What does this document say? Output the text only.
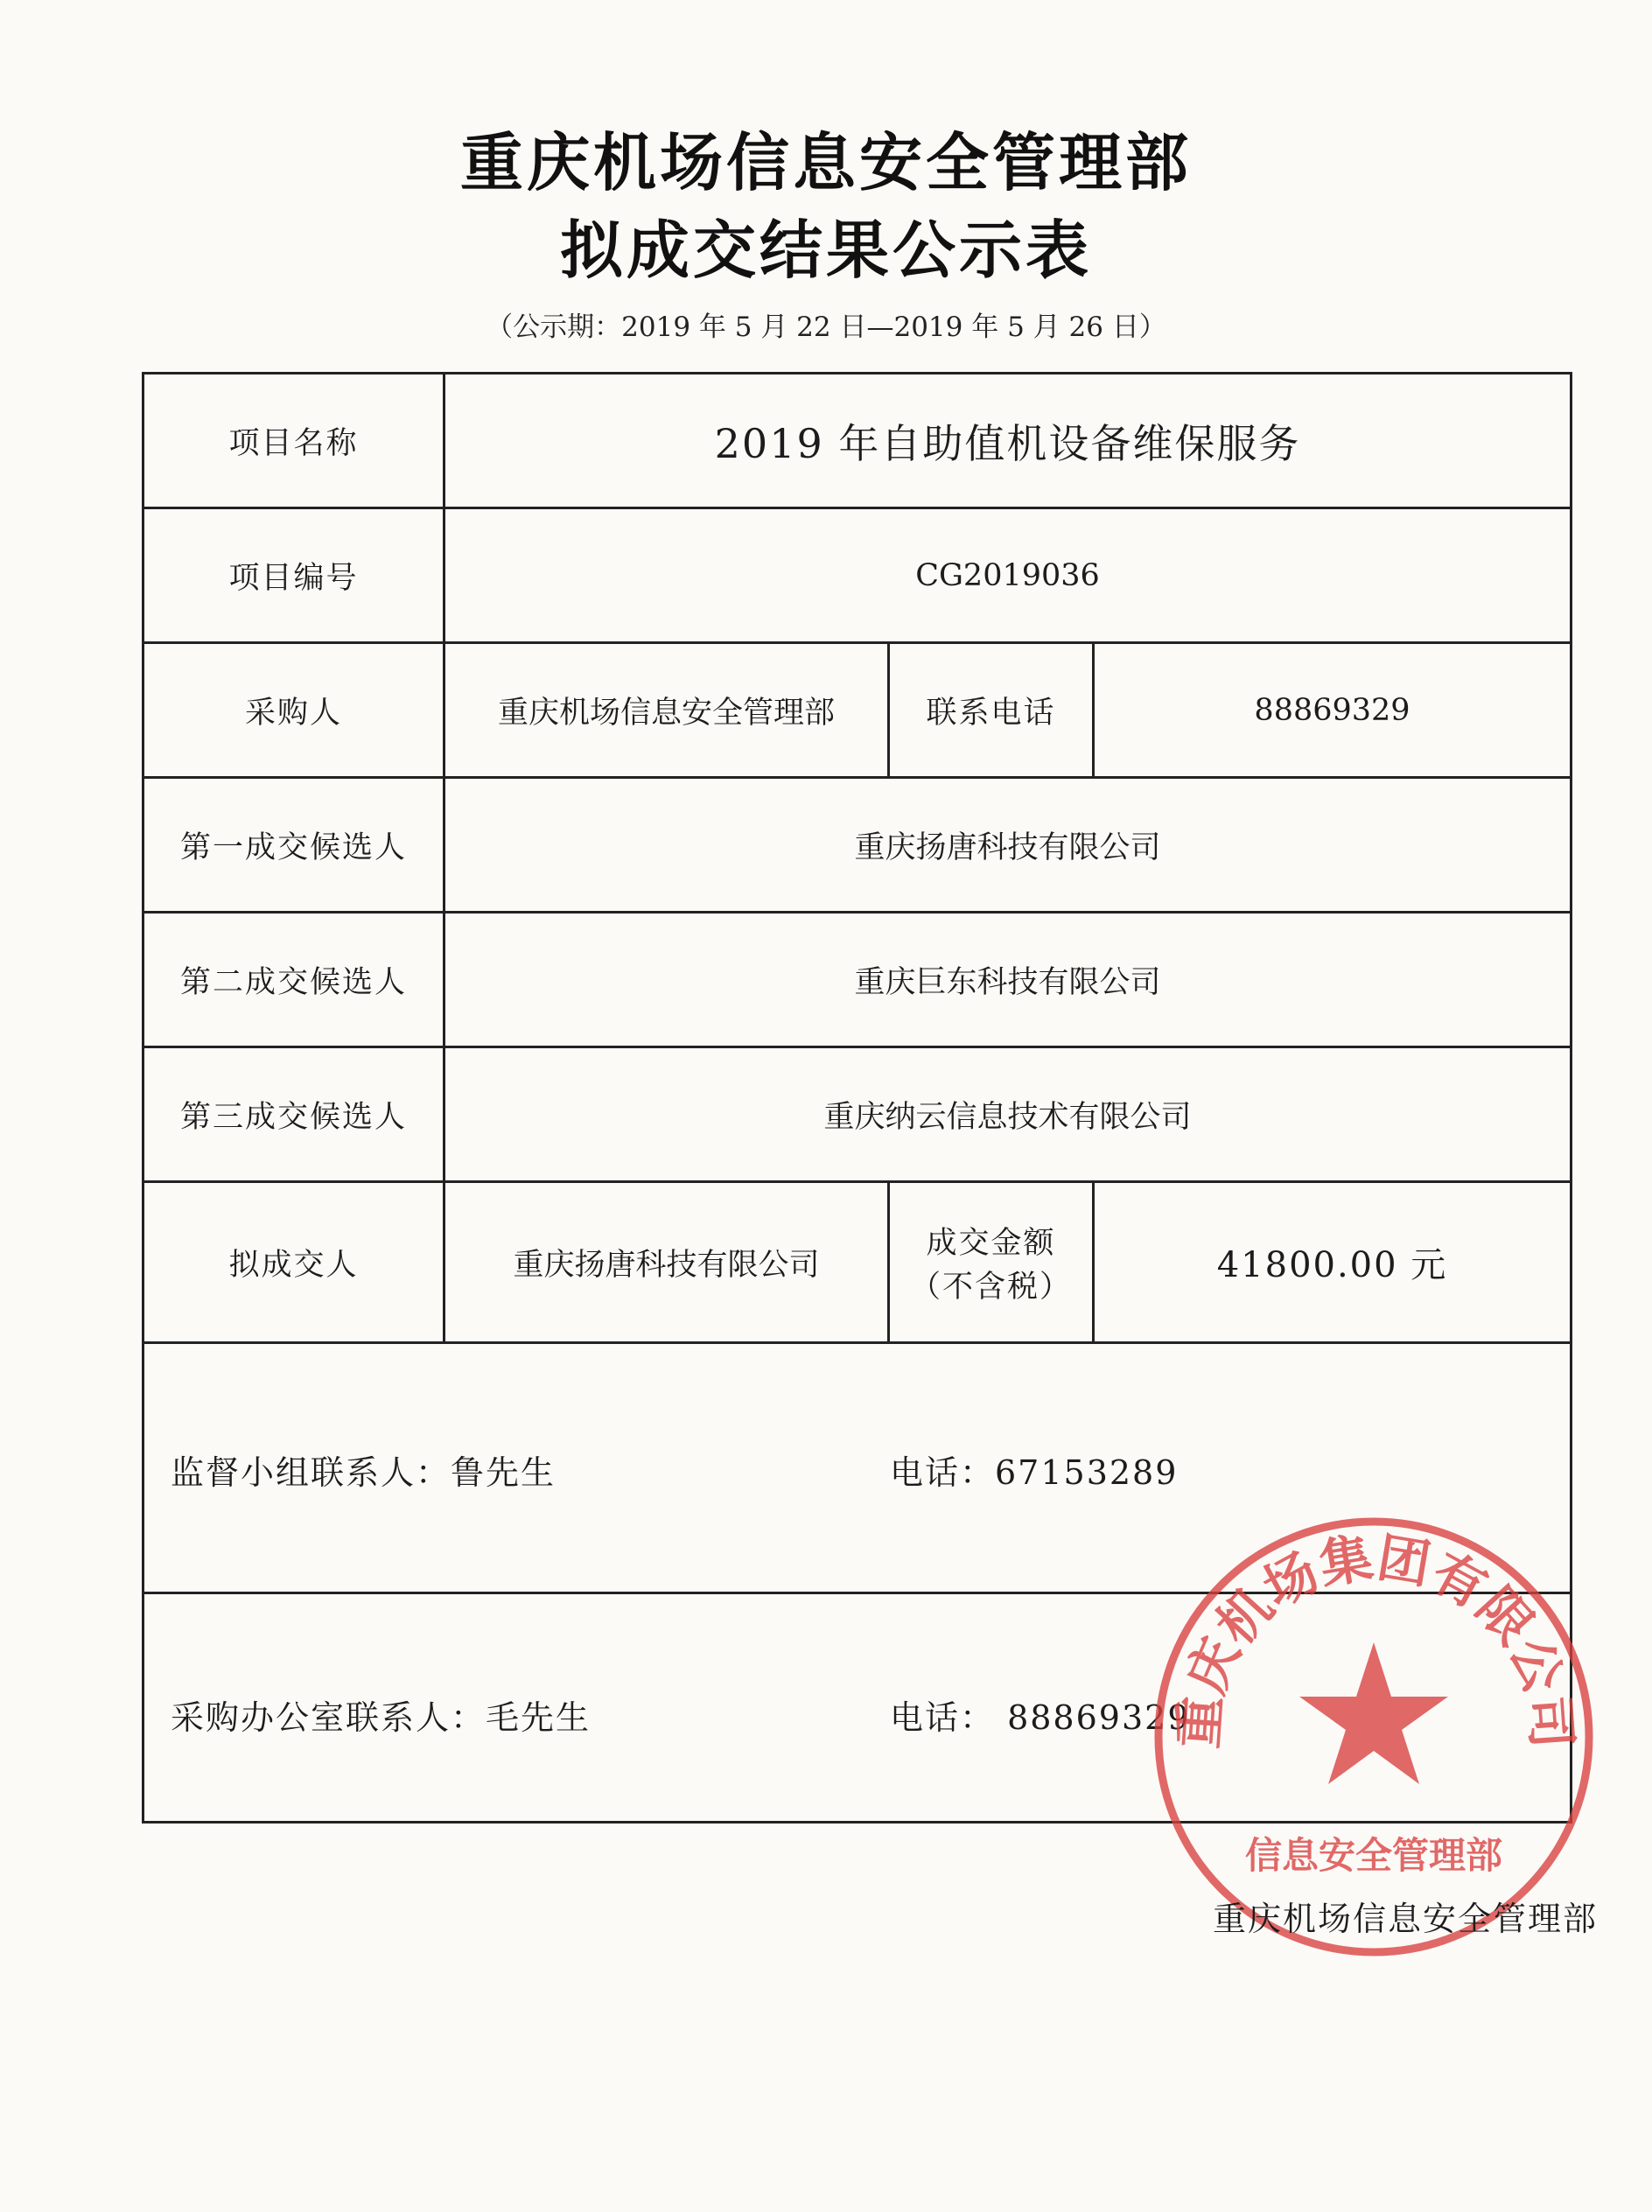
重庆机场信息安全管理部
拟成交结果公示表
（公示期：2019 年 5 月 22 日—2019 年 5 月 26 日）
项目名称	2019 年自助值机设备维保服务		
项目编号	CG2019036		
采购人	重庆机场信息安全管理部	联系电话	88869329
第一成交候选人	重庆扬唐科技有限公司		
第二成交候选人	重庆巨东科技有限公司		
第三成交候选人	重庆纳云信息技术有限公司		
拟成交人	重庆扬唐科技有限公司	成交金额（不含税）	41800.00 元

监督小组联系人：鲁先生 电话：67153289			

采购办公室联系人：毛先生 电话： 88869329			
重庆机场集团有限公司
信息安全管理部
重庆机场信息安全管理部
